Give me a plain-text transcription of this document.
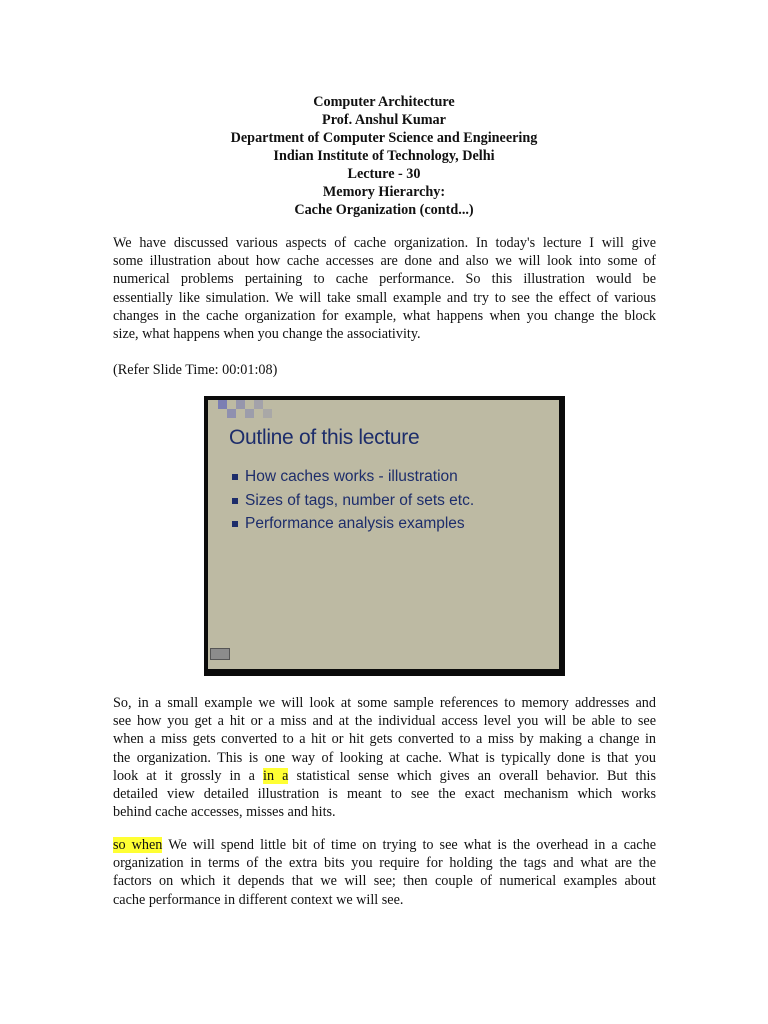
Computer Architecture
Prof. Anshul Kumar
Department of Computer Science and Engineering
Indian Institute of Technology, Delhi
Lecture - 30
Memory Hierarchy:
Cache Organization (contd...)
We have discussed various aspects of cache organization. In today's lecture I will give
some illustration about how cache accesses are done and also we will look into some of
numerical problems pertaining to cache performance. So this illustration would be
essentially like simulation. We will take small example and try to see the effect of various
changes in the cache organization for example, what happens when you change the block
size, what happens when you change the associativity.
(Refer Slide Time: 00:01:08)
Outline of this lecture
How caches works - illustration
Sizes of tags, number of sets etc.
Performance analysis examples
So, in a small example we will look at some sample references to memory addresses and
see how you get a hit or a miss and at the individual access level you will be able to see
when a miss gets converted to a hit or hit gets converted to a miss by making a change in
the organization. This is one way of looking at cache. What is typically done is that you
look at it grossly in a in a statistical sense which gives an overall behavior. But this
detailed view detailed illustration is meant to see the exact mechanism which works
behind cache accesses, misses and hits.
so when We will spend little bit of time on trying to see what is the overhead in a cache
organization in terms of the extra bits you require for holding the tags and what are the
factors on which it depends that we will see; then couple of numerical examples about
cache performance in different context we will see.
